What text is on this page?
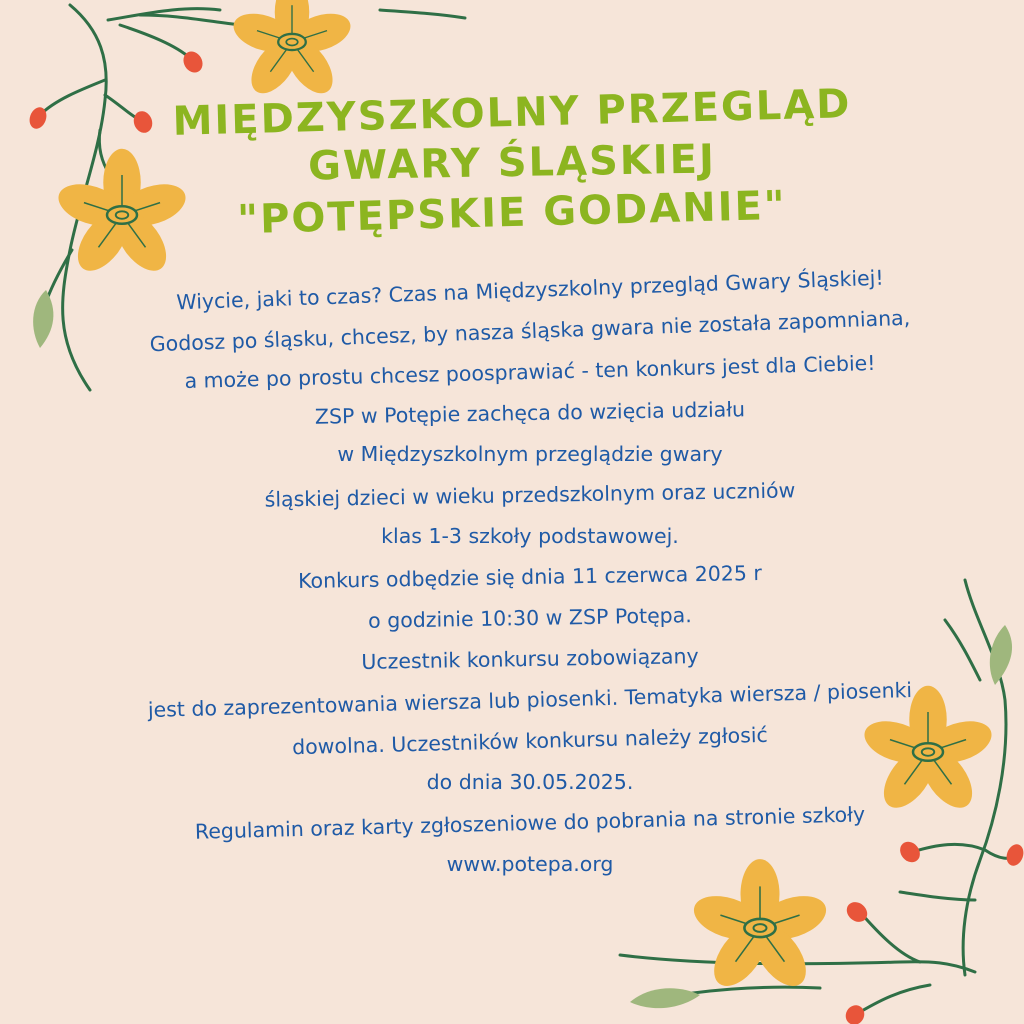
MIĘDZYSZKOLNY PRZEGLĄD
GWARY ŚLĄSKIEJ
"POTĘPSKIE GODANIE"
Wiycie, jaki to czas? Czas na Międzyszkolny przegląd Gwary Śląskiej!
Godosz po śląsku, chcesz, by nasza śląska gwara nie została zapomniana,
a może po prostu chcesz poosprawiać - ten konkurs jest dla Ciebie!
ZSP w Potępie zachęca do wzięcia udziału
w Międzyszkolnym przeglądzie gwary
śląskiej dzieci w wieku przedszkolnym oraz uczniów
klas 1-3 szkoły podstawowej.
Konkurs odbędzie się dnia 11 czerwca 2025 r
o godzinie 10:30 w ZSP Potępa.
Uczestnik konkursu zobowiązany
jest do zaprezentowania wiersza lub piosenki. Tematyka wiersza / piosenki
dowolna. Uczestników konkursu należy zgłosić
do dnia 30.05.2025.
Regulamin oraz karty zgłoszeniowe do pobrania na stronie szkoły
www.potepa.org
